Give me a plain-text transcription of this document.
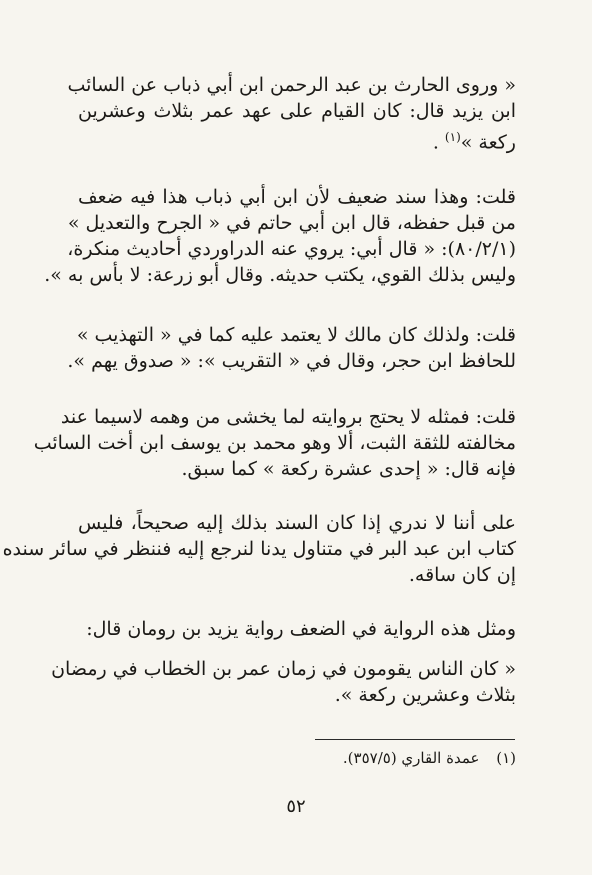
« وروى الحارث بن عبد الرحمن ابن أبي ذباب عن السائب
ابن يزيد قال: كان القيام على عهد عمر بثلاث وعشرين
ركعة »$^{(١)}$ .
قلت: وهذا سند ضعيف لأن ابن أبي ذباب هذا فيه ضعف
من قبل حفظه، قال ابن أبي حاتم في « الجرح والتعديل »
(٨٠/٢/١): « قال أبي: يروي عنه الدراوردي أحاديث منكرة،
وليس بذلك القوي، يكتب حديثه. وقال أبو زرعة: لا بأس به ».
قلت: ولذلك كان مالك لا يعتمد عليه كما في « التهذيب »
للحافظ ابن حجر، وقال في « التقريب »: « صدوق يهم ».
قلت: فمثله لا يحتج بروايته لما يخشى من وهمه لاسيما عند
مخالفته للثقة الثبت، ألا وهو محمد بن يوسف ابن أخت السائب
فإنه قال: « إحدى عشرة ركعة » كما سبق.
على أننا لا ندري إذا كان السند بذلك إليه صحيحاً، فليس
كتاب ابن عبد البر في متناول يدنا لنرجع إليه فننظر في سائر سنده
إن كان ساقه.
ومثل هذه الرواية في الضعف رواية يزيد بن رومان قال:
« كان الناس يقومون في زمان عمر بن الخطاب في رمضان
بثلاث وعشرين ركعة ».
(١) عمدة القاري (٣٥٧/٥).
٥٢
